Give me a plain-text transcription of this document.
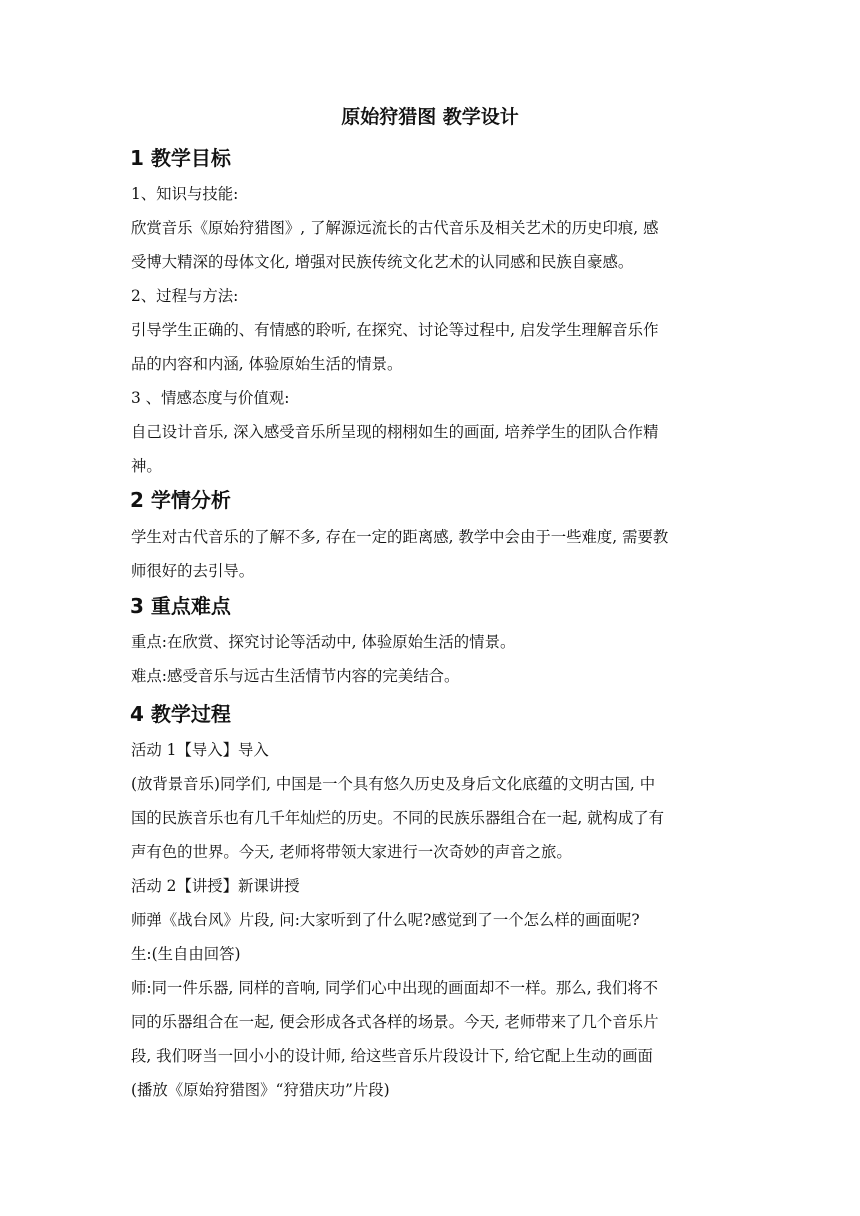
原始狩猎图 教学设计
1 教学目标
1、知识与技能:
欣赏音乐《原始狩猎图》, 了解源远流长的古代音乐及相关艺术的历史印痕, 感
受博大精深的母体文化, 增强对民族传统文化艺术的认同感和民族自豪感。
2、过程与方法:
引导学生正确的、有情感的聆听, 在探究、讨论等过程中, 启发学生理解音乐作
品的内容和内涵, 体验原始生活的情景。
3 、情感态度与价值观:
自己设计音乐, 深入感受音乐所呈现的栩栩如生的画面, 培养学生的团队合作精
神。
2 学情分析
学生对古代音乐的了解不多, 存在一定的距离感, 教学中会由于一些难度, 需要教
师很好的去引导。
3 重点难点
重点:在欣赏、探究讨论等活动中, 体验原始生活的情景。
难点:感受音乐与远古生活情节内容的完美结合。
4 教学过程
活动 1【导入】导入
(放背景音乐)同学们, 中国是一个具有悠久历史及身后文化底蕴的文明古国, 中
国的民族音乐也有几千年灿烂的历史。不同的民族乐器组合在一起, 就构成了有
声有色的世界。今天, 老师将带领大家进行一次奇妙的声音之旅。
活动 2【讲授】新课讲授
师弹《战台风》片段, 问:大家听到了什么呢?感觉到了一个怎么样的画面呢?
生:(生自由回答)
师:同一件乐器, 同样的音响, 同学们心中出现的画面却不一样。那么, 我们将不
同的乐器组合在一起, 便会形成各式各样的场景。今天, 老师带来了几个音乐片
段, 我们呀当一回小小的设计师, 给这些音乐片段设计下, 给它配上生动的画面
(播放《原始狩猎图》“狩猎庆功”片段)
